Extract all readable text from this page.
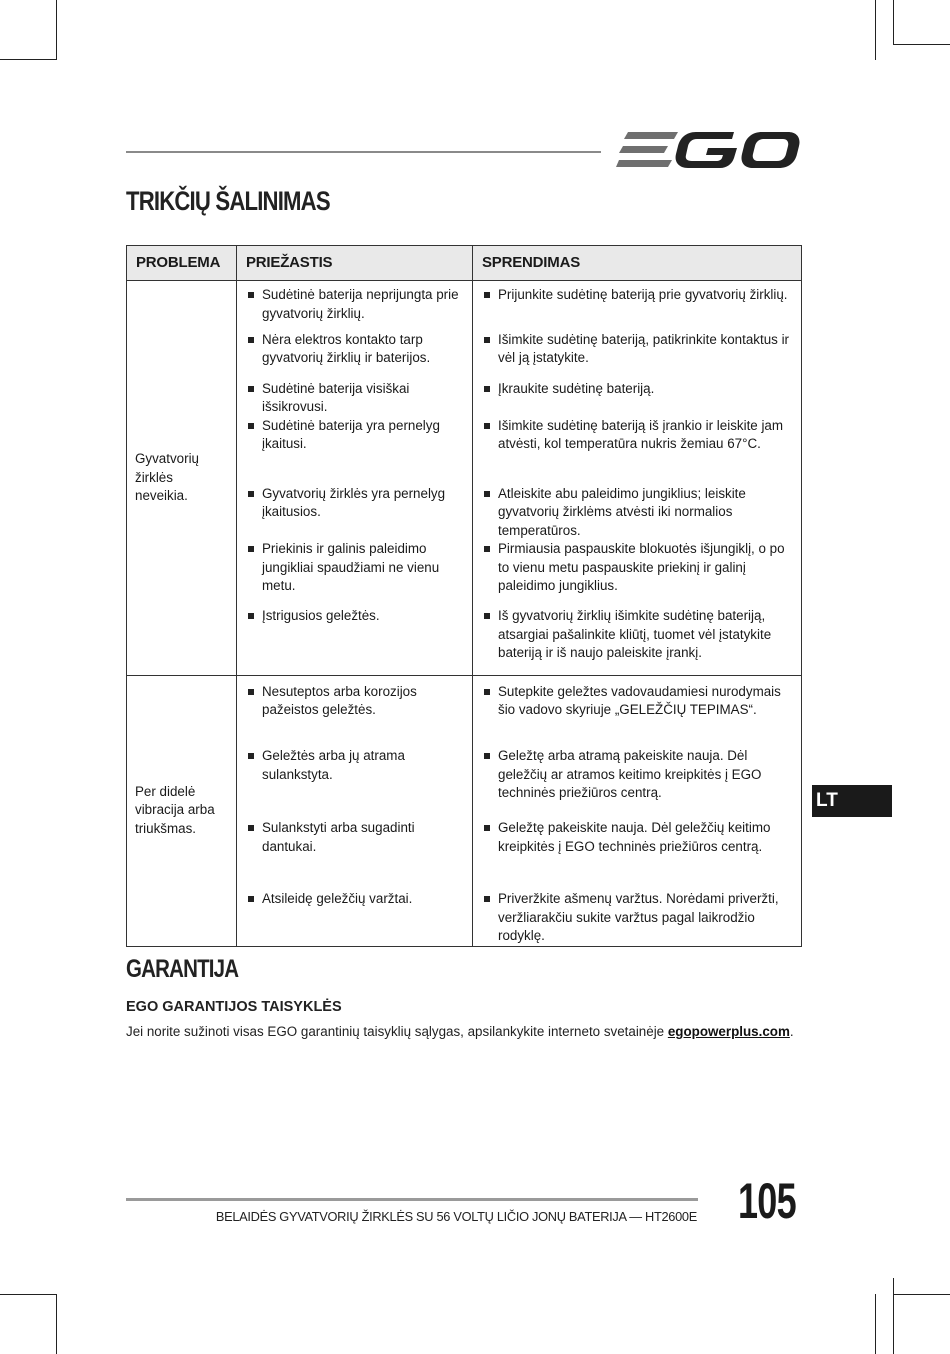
TRIKČIŲ ŠALINIMAS
PROBLEMA	PRIEŽASTIS	SPRENDIMAS

Gyvatvorių žirklės neveikia.	Sudėtinė baterija neprijungta prie gyvatvorių žirklių.	Prijunkite sudėtinę bateriją prie gyvatvorių žirklių.

	Nėra elektros kontakto tarp gyvatvorių žirklių ir baterijos.	Išimkite sudėtinę bateriją, patikrinkite kontaktus ir vėl ją įstatykite.

	Sudėtinė baterija visiškai išsikrovusi.	Įkraukite sudėtinę bateriją.

	Sudėtinė baterija yra pernelyg įkaitusi.	Išimkite sudėtinę bateriją iš įrankio ir leiskite jam atvėsti, kol temperatūra nukris žemiau 67°C.

	Gyvatvorių žirklės yra pernelyg įkaitusios.	Atleiskite abu paleidimo jungiklius; leiskite gyvatvorių žirklėms atvėsti iki normalios temperatūros.

	Priekinis ir galinis paleidimo jungikliai spaudžiami ne vienu metu.	Pirmiausia paspauskite blokuotės išjungiklį, o po to vienu metu paspauskite priekinį ir galinį paleidimo jungiklius.

	Įstrigusios geležtės.	Iš gyvatvorių žirklių išimkite sudėtinę bateriją, atsargiai pašalinkite kliūtį, tuomet vėl įstatykite bateriją ir iš naujo paleiskite įrankį.

Per didelė vibracija arba triukšmas.	Nesuteptos arba korozijos pažeistos geležtės.	Sutepkite geležtes vadovaudamiesi nurodymais šio vadovo skyriuje „GELEŽČIŲ TEPIMAS“.

	Geležtės arba jų atrama sulankstyta.	Geležtę arba atramą pakeiskite nauja. Dėl geležčių ar atramos keitimo kreipkitės į EGO techninės priežiūros centrą.

	Sulankstyti arba sugadinti dantukai.	Geležtę pakeiskite nauja. Dėl geležčių keitimo kreipkitės į EGO techninės priežiūros centrą.

	Atsileidę geležčių varžtai.	Priveržkite ašmenų varžtus. Norėdami priveržti, veržliarakčiu sukite varžtus pagal laikrodžio rodyklę.
LT
GARANTIJA
EGO GARANTIJOS TAISYKLĖS

Jei norite sužinoti visas EGO garantinių taisyklių sąlygas, apsilankykite interneto svetainėje egopowerplus.com.

BELAIDĖS GYVATVORIŲ ŽIRKLĖS SU 56 VOLTŲ LIČIO JONŲ BATERIJA — HT2600E 105
